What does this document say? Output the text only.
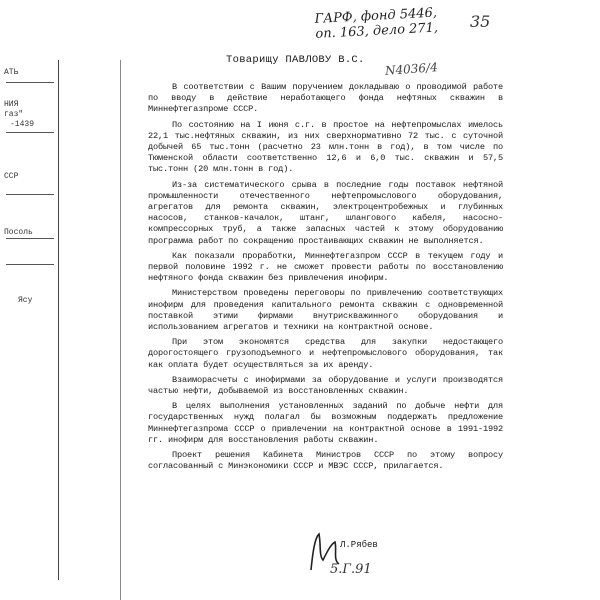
АТЬ
НИЯ
газ"
-1439
ССР
Посоль
Ясу
ГАРФ, фонд 5446,
оп. 163, дело 271,	35
N4036/4
Товарищу ПАВЛОВУ В.С.

В соответствии с Вашим поручением докладываю о проводимой работе по вводу в действие неработающего фонда нефтяных скважин в Миннефтегазпроме СССР.

По состоянию на I июня с.г. в простое на нефтепромыслах имелось 22,1 тыс.нефтяных скважин, из них сверхнормативно 72 тыс. с суточной добычей 65 тыс.тонн (расчетно 23 млн.тонн в год), в том числе по Тюменской области соответственно 12,6 и 6,0 тыс. скважин и 57,5 тыс.тонн (20 млн.тонн в год).

Из-за систематического срыва в последние годы поставок нефтяной промышленности отечественного нефтепромыслового оборудования, агрегатов для ремонта скважин, электроцентробежных и глубинных насосов, станков-качалок, штанг, шлангового кабеля, насосно-компрессорных труб, а также запасных частей к этому оборудованию программа работ по сокращению простаивающих скважин не выполняется.

Как показали проработки, Миннефтегазпром СССР в текущем году и первой половине 1992 г. не сможет провести работы по восстановлению нефтяного фонда скважин без привлечения инофирм.

Министерством проведены переговоры по привлечению соответствующих инофирм для проведения капитального ремонта скважин с одновременной поставкой этими фирмами внутрискважинного оборудования и использованием агрегатов и техники на контрактной основе.

При этом экономятся средства для закупки недостающего дорогостоящего грузоподъемного и нефтепромыслового оборудования, так как оплата будет осуществляться за их аренду.

Взаиморасчеты с инофирмами за оборудование и услуги производятся частью нефти, добываемой из восстановленных скважин.

В целях выполнения установленных заданий по добыче нефти для государственных нужд полагал бы возможным поддержать предложение Миннефтегазпрома СССР о привлечении на контрактной основе в 1991-1992 гг. инофирм для восстановления работы скважин.

Проект решения Кабинета Министров СССР по этому вопросу согласованный с Минэкономики СССР и МВЭС СССР, прилагается.

Л.Рябев
5.Г.91
